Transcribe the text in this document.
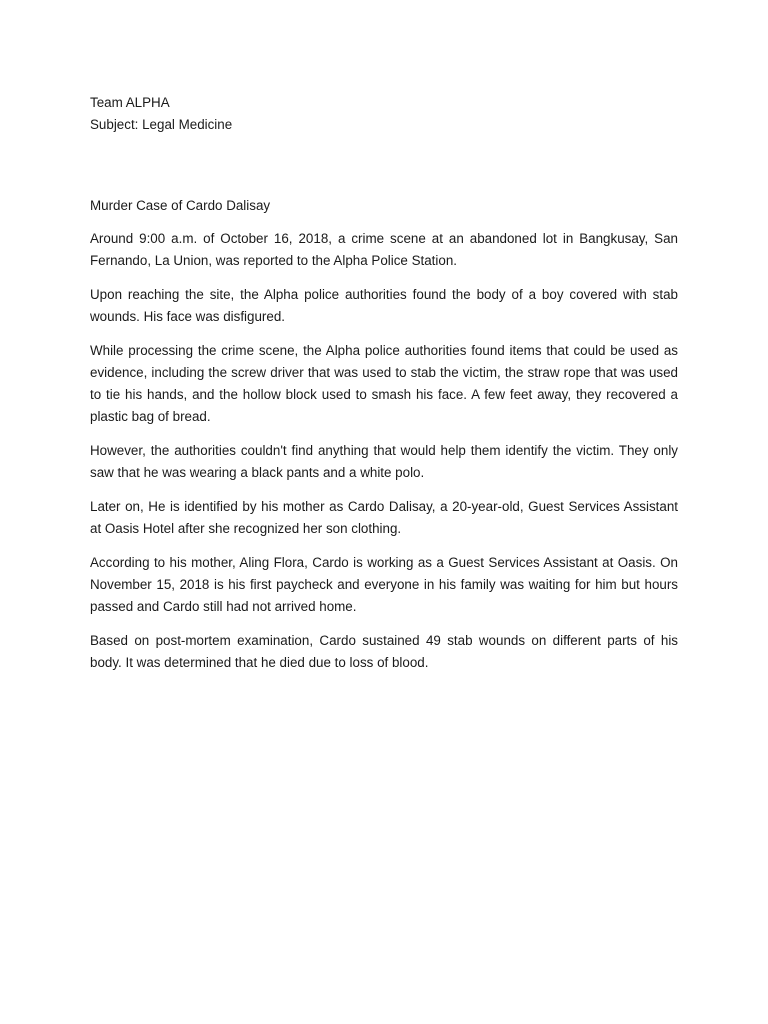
Team ALPHA

Subject: Legal Medicine

Murder Case of Cardo Dalisay

Around 9:00 a.m. of October 16, 2018, a crime scene at an abandoned lot in Bangkusay, San Fernando, La Union, was reported to the Alpha Police Station.

Upon reaching the site, the Alpha police authorities found the body of a boy covered with stab wounds. His face was disfigured.

While processing the crime scene, the Alpha police authorities found items that could be used as evidence, including the screw driver that was used to stab the victim, the straw rope that was used to tie his hands, and the hollow block used to smash his face. A few feet away, they recovered a plastic bag of bread.

However, the authorities couldn't find anything that would help them identify the victim. They only saw that he was wearing a black pants and a white polo.

Later on, He is identified by his mother as Cardo Dalisay, a 20-year-old, Guest Services Assistant at Oasis Hotel after she recognized her son clothing.

According to his mother, Aling Flora, Cardo is working as a Guest Services Assistant at Oasis. On November 15, 2018 is his first paycheck and everyone in his family was waiting for him but hours passed and Cardo still had not arrived home.

Based on post-mortem examination, Cardo sustained 49 stab wounds on different parts of his body. It was determined that he died due to loss of blood.
